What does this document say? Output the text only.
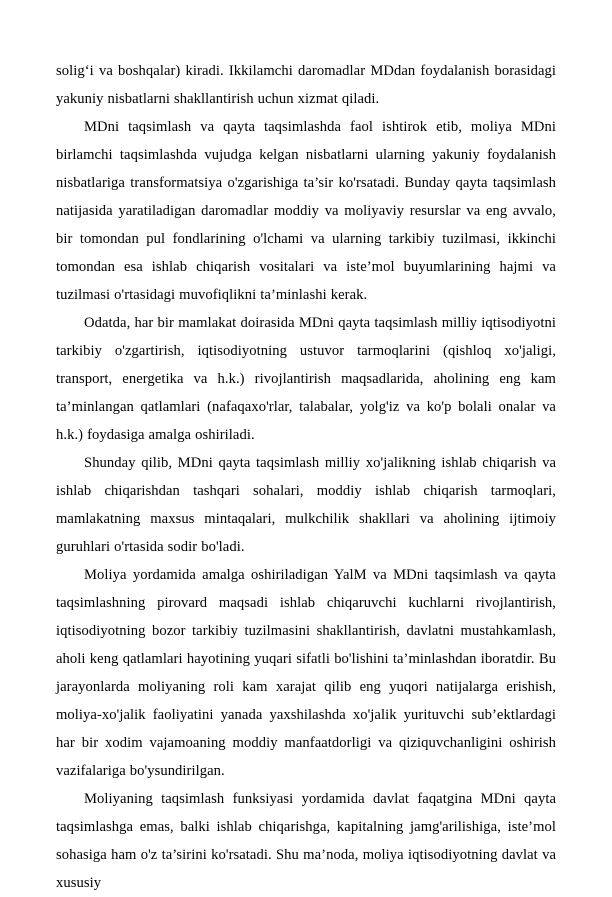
soligʻi va boshqalar) kiradi. Ikkilamchi daromadlar MDdan foydalanish borasidagi yakuniy nisbatlarni shakllantirish uchun xizmat qiladi.

MDni taqsimlash va qayta taqsimlashda faol ishtirok etib, moliya MDni birlamchi taqsimlashda vujudga kelgan nisbatlarni ularning yakuniy foydalanish nisbatlariga transformatsiya o'zgarishiga ta’sir ko'rsatadi. Bunday qayta taqsimlash natijasida yaratiladigan daromadlar moddiy va moliyaviy resurslar va eng avvalo, bir tomondan pul fondlarining o'lchami va ularning tarkibiy tuzilmasi, ikkinchi tomondan esa ishlab chiqarish vositalari va iste’mol buyumlarining hajmi va tuzilmasi o'rtasidagi muvofiqlikni ta’minlashi kerak.

Odatda, har bir mamlakat doirasida MDni qayta taqsimlash milliy iqtisodiyotni tarkibiy o'zgartirish, iqtisodiyotning ustuvor tarmoqlarini (qishloq xo'jaligi, transport, energetika va h.k.) rivojlantirish maqsadlarida, aholining eng kam ta’minlangan qatlamlari (nafaqaxo'rlar, talabalar, yolg'iz va ko'p bolali onalar va h.k.) foydasiga amalga oshiriladi.

Shunday qilib, MDni qayta taqsimlash milliy xo'jalikning ishlab chiqarish va ishlab chiqarishdan tashqari sohalari, moddiy ishlab chiqarish tarmoqlari, mamlakatning maxsus mintaqalari, mulkchilik shakllari va aholining ijtimoiy guruhlari o'rtasida sodir bo'ladi.

Moliya yordamida amalga oshiriladigan YalM va MDni taqsimlash va qayta taqsimlashning pirovard maqsadi ishlab chiqaruvchi kuchlarni rivojlantirish, iqtisodiyotning bozor tarkibiy tuzilmasini shakllantirish, davlatni mustahkamlash, aholi keng qatlamlari hayotining yuqari sifatli bo'lishini ta’minlashdan iboratdir. Bu jarayonlarda moliyaning roli kam xarajat qilib eng yuqori natijalarga erishish, moliya-xo'jalik faoliyatini yanada yaxshilashda xo'jalik yurituvchi sub’ektlardagi har bir xodim vajamoaning moddiy manfaatdorligi va qiziquvchanligini oshirish vazifalariga bo'ysundirilgan.

Moliyaning taqsimlash funksiyasi yordamida davlat faqatgina MDni qayta taqsimlashga emas, balki ishlab chiqarishga, kapitalning jamg'arilishiga, iste’mol sohasiga ham o'z ta’sirini ko'rsatadi. Shu ma’noda, moliya iqtisodiyotning davlat va xususiy
